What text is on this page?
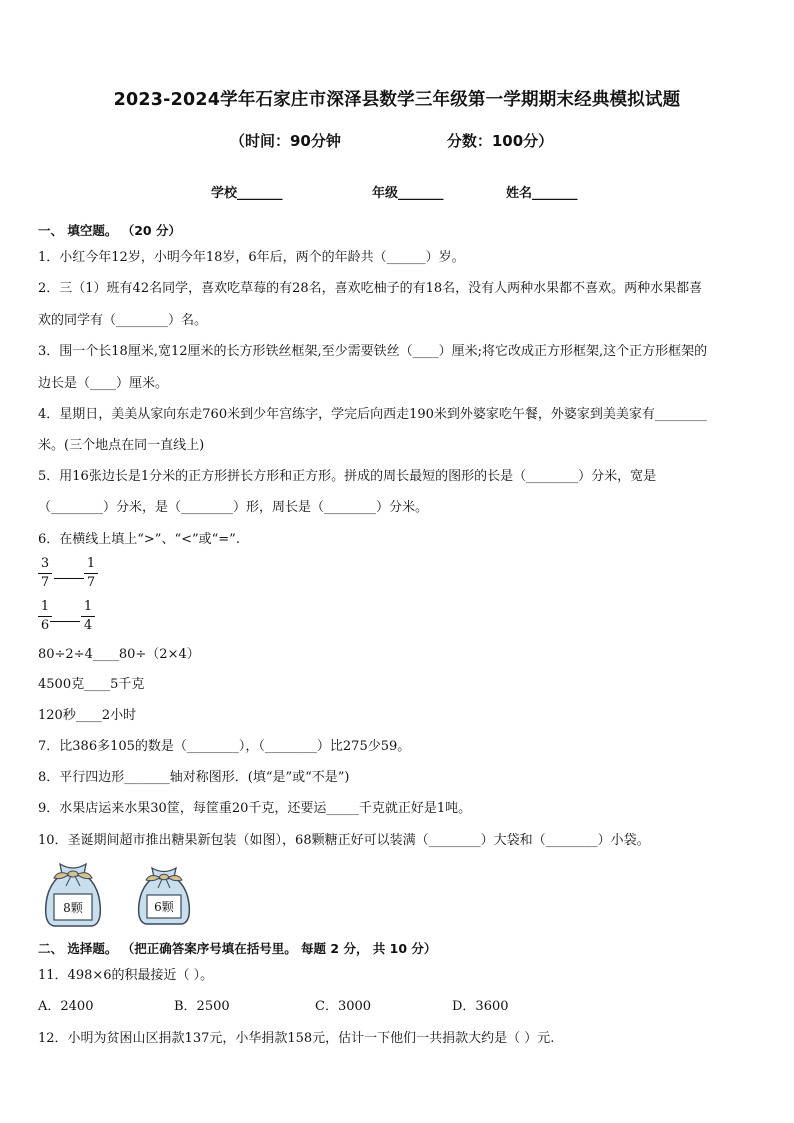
2023-2024学年石家庄市深泽县数学三年级第一学期期末经典模拟试题
（时间：90分钟	分数：100分）
学校_______	年级_______	姓名_______
一、 填空题。 （20 分）
1．小红今年12岁，小明今年18岁，6年后，两个的年龄共（______）岁。
2．三（1）班有42名同学，喜欢吃草莓的有28名，喜欢吃柚子的有18名，没有人两种水果都不喜欢。两种水果都喜
欢的同学有（________）名。
3．围一个长18厘米,宽12厘米的长方形铁丝框架,至少需要铁丝（____）厘米;将它改成正方形框架,这个正方形框架的
边长是（____）厘米。
4．星期日，美美从家向东走760米到少年宫练字，学完后向西走190米到外婆家吃午餐，外婆家到美美家有________
米。(三个地点在同一直线上)
5．用16张边长是1分米的正方形拼长方形和正方形。拼成的周长最短的图形的长是（________）分米，宽是
（________）分米，是（________）形，周长是（________）分米。
6．在横线上填上“>”、“<”或“=”.
$\frac{3}{7} \frac{1}{7}$
$\frac{1}{6} \frac{1}{4}$
80÷2÷4____80÷（2×4）
4500克____5千克
120秒____2小时
7．比386多105的数是（________），（________）比275少59。
8．平行四边形_______轴对称图形．(填“是”或“不是”)
9．水果店运来水果30筐，每筐重20千克，还要运_____千克就正好是1吨。
10．圣诞期间超市推出糖果新包装（如图），68颗糖正好可以装满（________）大袋和（________）小袋。
8颗	6颗
二、 选择题。 （把正确答案序号填在括号里。 每题 2 分， 共 10 分）
11．498×6的积最接近（ ）。
A．2400	B．2500	C．3000	D．3600
12．小明为贫困山区捐款137元，小华捐款158元，估计一下他们一共捐款大约是（ ）元.
